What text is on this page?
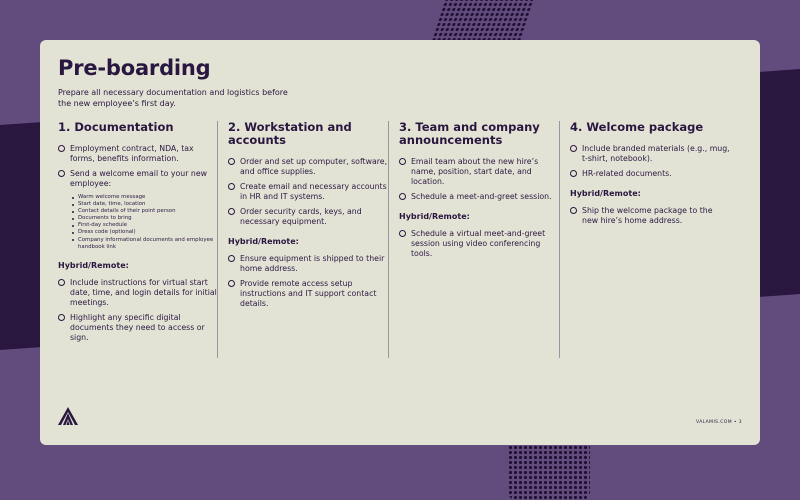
Pre-boarding

Prepare all necessary documentation and logistics before the new employee’s first day.

1. Documentation
Employment contract, NDA, tax forms, benefits information.
Send a welcome email to your new employee:
Warm welcome message
Start date, time, location
Contact details of their point person
Documents to bring
First-day schedule
Dress code (optional)
Company informational documents and employee handbook link
Hybrid/Remote:
Include instructions for virtual start date, time, and login details for initial meetings.
Highlight any specific digital documents they need to access or sign.
2. Workstation and accounts
Order and set up computer, software, and office supplies.
Create email and necessary accounts in HR and IT systems.
Order security cards, keys, and necessary equipment.
Hybrid/Remote:
Ensure equipment is shipped to their home address.
Provide remote access setup instructions and IT support contact details.
3. Team and company announcements
Email team about the new hire’s name, position, start date, and location.
Schedule a meet-and-greet session.
Hybrid/Remote:
Schedule a virtual meet-and-greet session using video conferencing tools.
4. Welcome package
Include branded materials (e.g., mug, t-shirt, notebook).
HR-related documents.
Hybrid/Remote:
Ship the welcome package to the new hire’s home address.
VALAMIS.COM • 3
